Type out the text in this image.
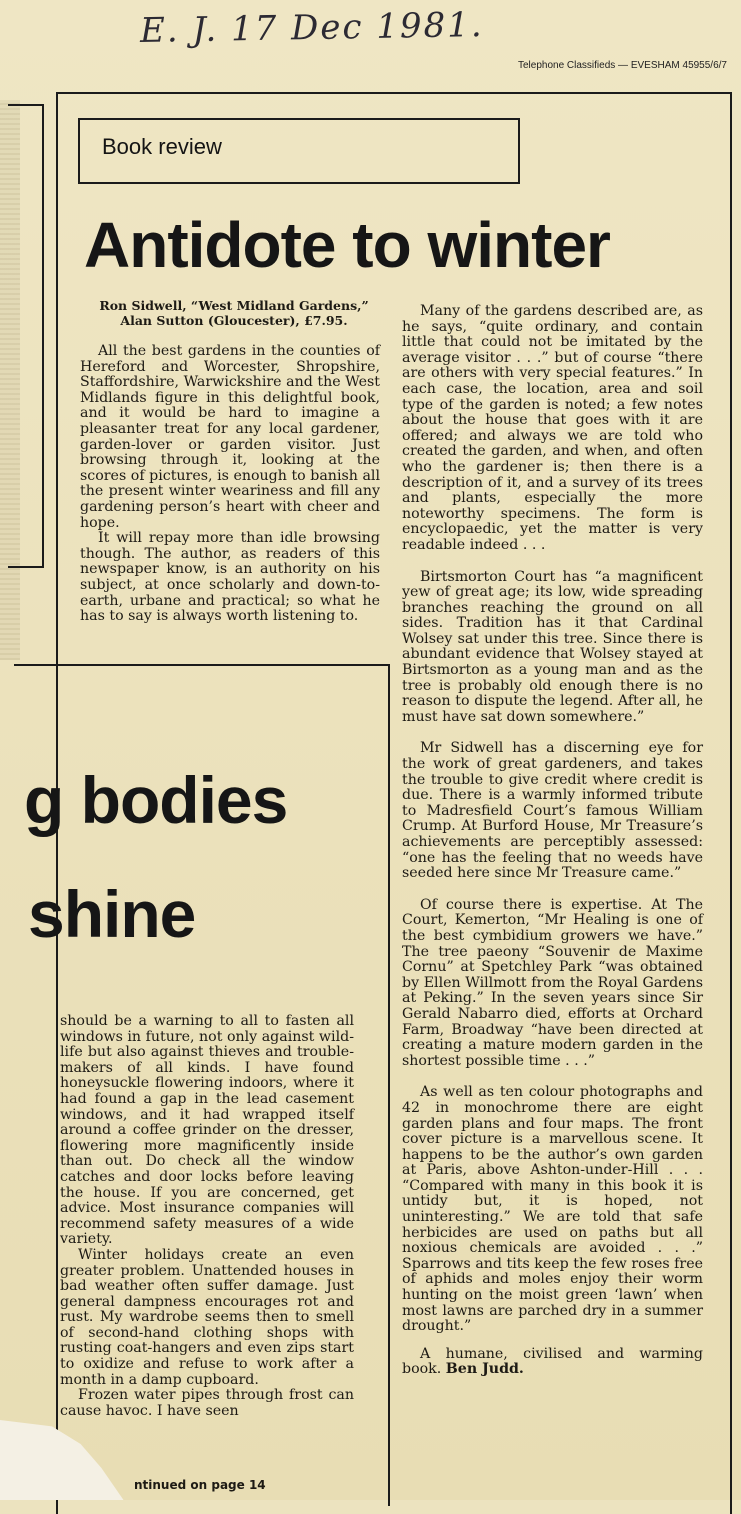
E. J. 17 Dec 1981.
Telephone Classifieds — EVESHAM 45955/6/7
Book review
Antidote to winter
Ron Sidwell, “West Midland Gardens,”
Alan Sutton (Gloucester), £7.95.

All the best gardens in the counties of Hereford and Worcester, Shropshire, Staffordshire, Warwickshire and the West Midlands figure in this delightful book, and it would be hard to imagine a pleasanter treat for any local gardener, garden-lover or garden visitor. Just browsing through it, looking at the scores of pictures, is enough to banish all the present winter weariness and fill any gardening person’s heart with cheer and hope.

It will repay more than idle browsing though. The author, as readers of this newspaper know, is an authority on his subject, at once scholarly and down-to-earth, urbane and practical; so what he has to say is always worth listening to.

Many of the gardens described are, as he says, “quite ordinary, and contain little that could not be imitated by the average visitor . . .” but of course “there are others with very special features.” In each case, the location, area and soil type of the garden is noted; a few notes about the house that goes with it are offered; and always we are told who created the garden, and when, and often who the gardener is; then there is a description of it, and a survey of its trees and plants, especially the more noteworthy specimens. The form is encyclopaedic, yet the matter is very readable indeed . . .

Birtsmorton Court has “a magnificent yew of great age; its low, wide spreading branches reaching the ground on all sides. Tradition has it that Cardinal Wolsey sat under this tree. Since there is abundant evidence that Wolsey stayed at Birtsmorton as a young man and as the tree is probably old enough there is no reason to dispute the legend. After all, he must have sat down somewhere.”

Mr Sidwell has a discerning eye for the work of great gardeners, and takes the trouble to give credit where credit is due. There is a warmly informed tribute to Madresfield Court’s famous William Crump. At Burford House, Mr Treasure’s achievements are perceptibly assessed: “one has the feeling that no weeds have seeded here since Mr Treasure came.”

Of course there is expertise. At The Court, Kemerton, “Mr Healing is one of the best cymbidium growers we have.” The tree paeony “Souvenir de Maxime Cornu” at Spetchley Park “was obtained by Ellen Willmott from the Royal Gardens at Peking.” In the seven years since Sir Gerald Nabarro died, efforts at Orchard Farm, Broadway “have been directed at creating a mature modern garden in the shortest possible time . . .”

As well as ten colour photographs and 42 in monochrome there are eight garden plans and four maps. The front cover picture is a marvellous scene. It happens to be the author’s own garden at Paris, above Ashton-under-Hill . . . “Compared with many in this book it is untidy but, it is hoped, not uninteresting.” We are told that safe herbicides are used on paths but all noxious chemicals are avoided . . .” Sparrows and tits keep the few roses free of aphids and moles enjoy their worm hunting on the moist green ‘lawn’ when most lawns are parched dry in a summer drought.”

A humane, civilised and warming book. Ben Judd.

g bodies
shine

should be a warning to all to fasten all windows in future, not only against wild-life but also against thieves and trouble-makers of all kinds. I have found honeysuckle flowering indoors, where it had found a gap in the lead casement windows, and it had wrapped itself around a coffee grinder on the dresser, flowering more magnificently inside than out. Do check all the window catches and door locks before leaving the house. If you are concerned, get advice. Most insurance companies will recommend safety measures of a wide variety.

Winter holidays create an even greater problem. Unattended houses in bad weather often suffer damage. Just general dampness encourages rot and rust. My wardrobe seems then to smell of second-hand clothing shops with rusting coat-hangers and even zips start to oxidize and refuse to work after a month in a damp cupboard.

Frozen water pipes through frost can cause havoc. I have seen

ntinued on page 14
